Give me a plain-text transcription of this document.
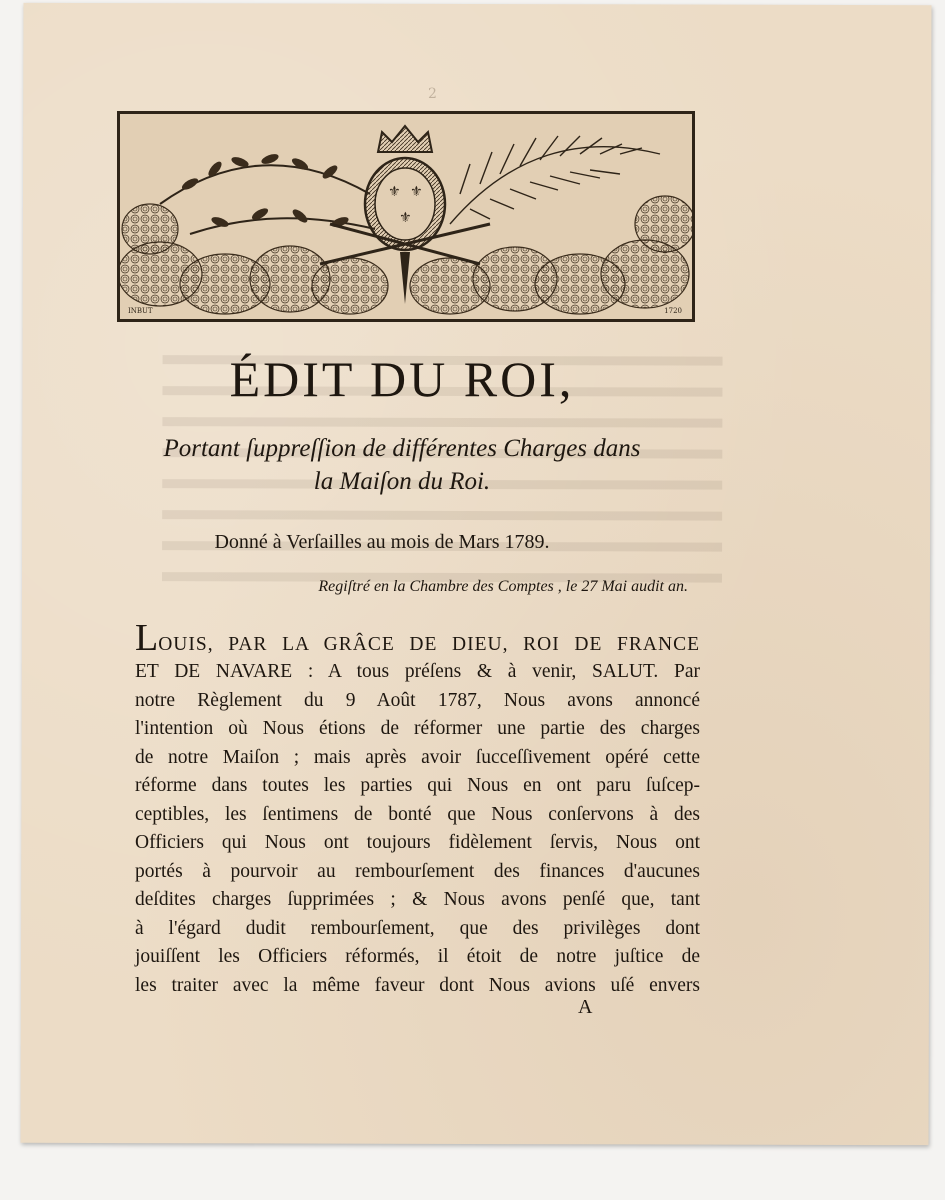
2
⚜ ⚜
⚜
INBUT	1720
ÉDIT DU ROI,
Portant ſuppreſſion de différentes Charges dans
la Maiſon du Roi.
Donné à Verſailles au mois de Mars 1789.
Regiſtré en la Chambre des Comptes , le 27 Mai audit an.
LOUIS, PAR LA GRÂCE DE DIEU, ROI DE FRANCE
ET DE NAVARE : A tous préſens & à venir, SALUT. Par
notre Règlement du 9 Août 1787, Nous avons annoncé
l'intention où Nous étions de réformer une partie des charges
de notre Maiſon ; mais après avoir ſucceſſivement opéré cette
réforme dans toutes les parties qui Nous en ont paru ſuſcep-
ceptibles, les ſentimens de bonté que Nous conſervons à des
Officiers qui Nous ont toujours fidèlement ſervis, Nous ont
portés à pourvoir au rembourſement des finances d'aucunes
deſdites charges ſupprimées ; & Nous avons penſé que, tant
à l'égard dudit rembourſement, que des privilèges dont
jouiſſent les Officiers réformés, il étoit de notre juſtice de
les traiter avec la même faveur dont Nous avions uſé envers
A
